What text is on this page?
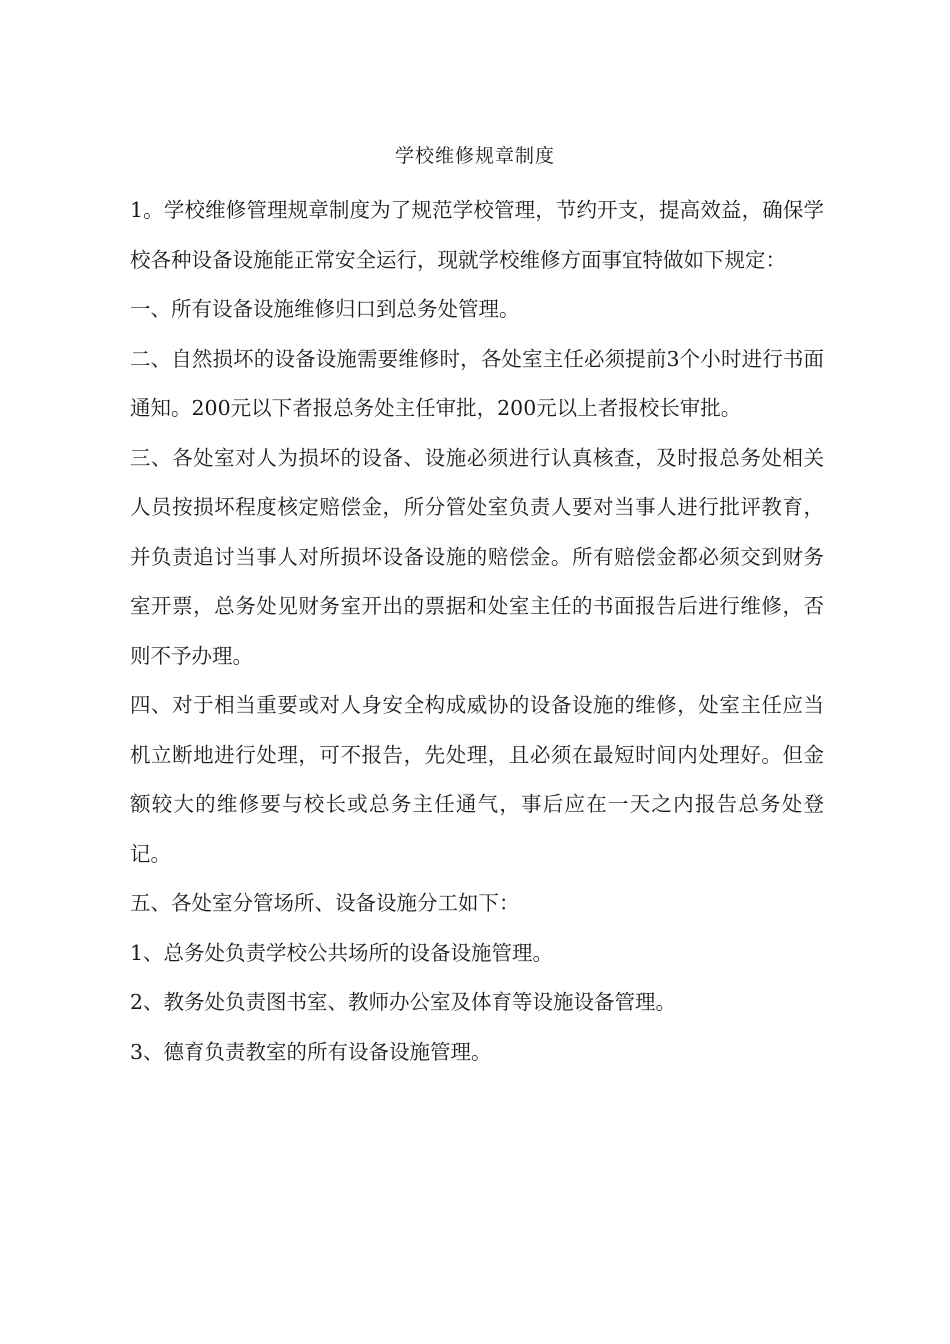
学校维修规章制度

1。学校维修管理规章制度为了规范学校管理，节约开支，提高效益，确保学校各种设备设施能正常安全运行，现就学校维修方面事宜特做如下规定：

一、所有设备设施维修归口到总务处管理。

二、自然损坏的设备设施需要维修时，各处室主任必须提前3个小时进行书面通知。200元以下者报总务处主任审批，200元以上者报校长审批。

三、各处室对人为损坏的设备、设施必须进行认真核查，及时报总务处相关人员按损坏程度核定赔偿金，所分管处室负责人要对当事人进行批评教育，并负责追讨当事人对所损坏设备设施的赔偿金。所有赔偿金都必须交到财务室开票，总务处见财务室开出的票据和处室主任的书面报告后进行维修，否则不予办理。

四、对于相当重要或对人身安全构成威协的设备设施的维修，处室主任应当机立断地进行处理，可不报告，先处理，且必须在最短时间内处理好。但金额较大的维修要与校长或总务主任通气，事后应在一天之内报告总务处登记。

五、各处室分管场所、设备设施分工如下：

1、总务处负责学校公共场所的设备设施管理。

2、教务处负责图书室、教师办公室及体育等设施设备管理。

3、德育负责教室的所有设备设施管理。
